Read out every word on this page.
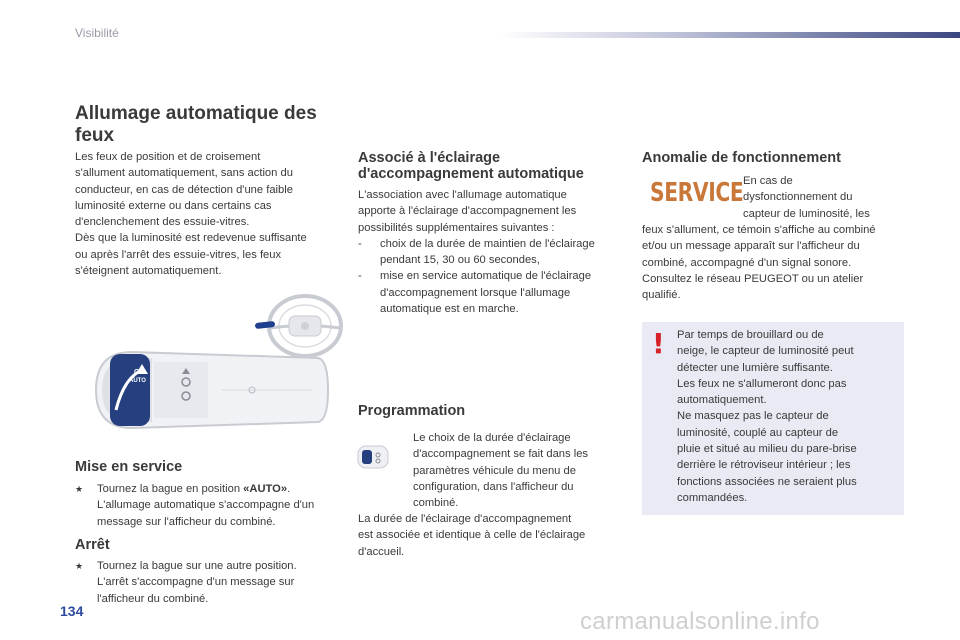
Visibilité
Allumage automatique des
feux
Les feux de position et de croisement
s'allument automatiquement, sans action du
conducteur, en cas de détection d'une faible
luminosité externe ou dans certains cas
d'enclenchement des essuie-vitres.
Dès que la luminosité est redevenue suffisante
ou après l'arrêt des essuie-vitres, les feux
s'éteignent automatiquement.
O
AUTO
Mise en service
★	Tournez la bague en position «AUTO».
L'allumage automatique s'accompagne d'un
message sur l'afficheur du combiné.
Arrêt
★	Tournez la bague sur une autre position.
L'arrêt s'accompagne d'un message sur
l'afficheur du combiné.
Associé à l'éclairage
d'accompagnement automatique
L'association avec l'allumage automatique
apporte à l'éclairage d'accompagnement les
possibilités supplémentaires suivantes :
- choix de la durée de maintien de l'éclairage
pendant 15, 30 ou 60 secondes,
- mise en service automatique de l'éclairage
d'accompagnement lorsque l'allumage
automatique est en marche.
Programmation
Le choix de la durée d'éclairage
d'accompagnement se fait dans les
paramètres véhicule du menu de
configuration, dans l'afficheur du
combiné.
La durée de l'éclairage d'accompagnement
est associée et identique à celle de l'éclairage
d'accueil.
Anomalie de fonctionnement
SERVICE En cas de
dysfonctionnement du
capteur de luminosité, les
feux s'allument, ce témoin s'affiche au combiné
et/ou un message apparaît sur l'afficheur du
combiné, accompagné d'un signal sonore.
Consultez le réseau PEUGEOT ou un atelier
qualifié.
! Par temps de brouillard ou de
neige, le capteur de luminosité peut
détecter une lumière suffisante.
Les feux ne s'allumeront donc pas
automatiquement.
Ne masquez pas le capteur de
luminosité, couplé au capteur de
pluie et situé au milieu du pare-brise
derrière le rétroviseur intérieur ; les
fonctions associées ne seraient plus
commandées.
134	carmanualsonline.info
